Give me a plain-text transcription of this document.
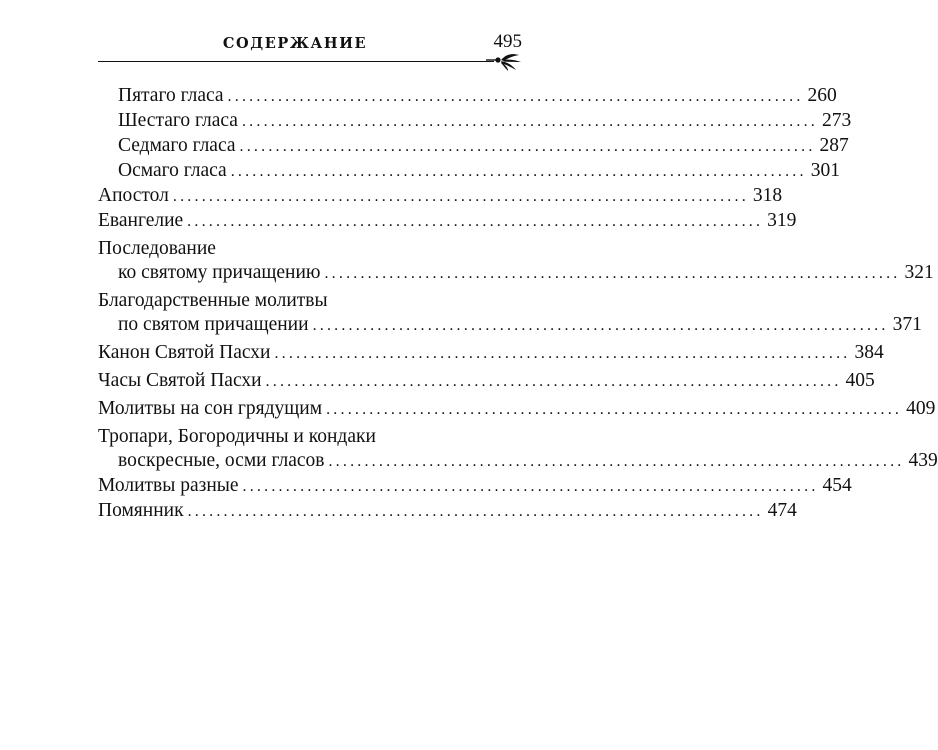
СОДЕРЖАНИЕ	495
Пятаго гласа ................................................................................ 260
Шестаго гласа ................................................................................ 273
Седмаго гласа ................................................................................ 287
Осмаго гласа ................................................................................ 301
Апостол ................................................................................ 318
Евангелие ................................................................................ 319
Последование
ко святому причащению ................................................................................ 321
Благодарственные молитвы
по святом причащении ................................................................................ 371
Канон Святой Пасхи ................................................................................ 384
Часы Святой Пасхи ................................................................................ 405
Молитвы на сон грядущим ................................................................................ 409
Тропари, Богородичны и кондаки
воскресные, осми гласов ................................................................................ 439
Молитвы разные ................................................................................ 454
Помянник ................................................................................ 474
